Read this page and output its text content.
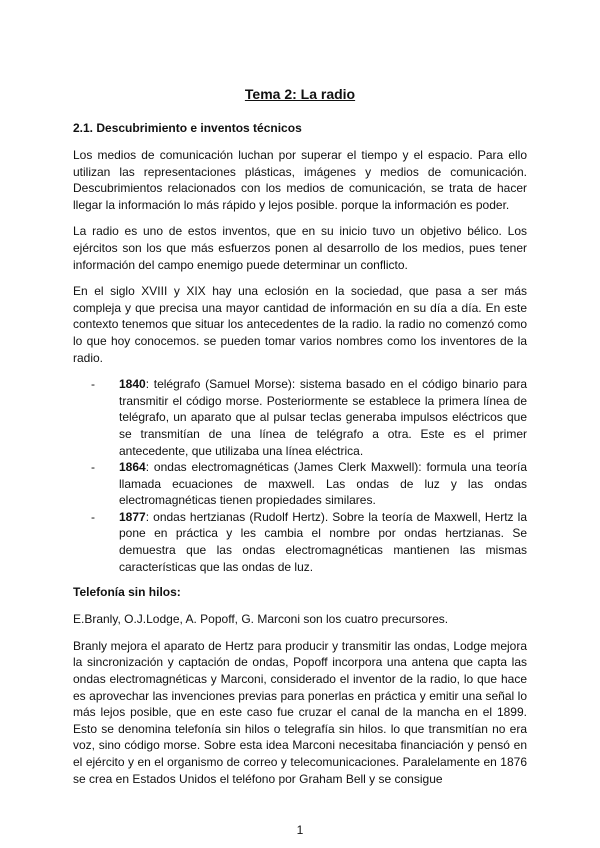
Tema 2: La radio
2.1. Descubrimiento e inventos técnicos

Los medios de comunicación luchan por superar el tiempo y el espacio. Para ello utilizan las representaciones plásticas, imágenes y medios de comunicación. Descubrimientos relacionados con los medios de comunicación, se trata de hacer llegar la información lo más rápido y lejos posible. porque la información es poder.

La radio es uno de estos inventos, que en su inicio tuvo un objetivo bélico. Los ejércitos son los que más esfuerzos ponen al desarrollo de los medios, pues tener información del campo enemigo puede determinar un conflicto.

En el siglo XVIII y XIX hay una eclosión en la sociedad, que pasa a ser más compleja y que precisa una mayor cantidad de información en su día a día. En este contexto tenemos que situar los antecedentes de la radio. la radio no comenzó como lo que hoy conocemos. se pueden tomar varios nombres como los inventores de la radio.

- 1840: telégrafo (Samuel Morse): sistema basado en el código binario para transmitir el código morse. Posteriormente se establece la primera línea de telégrafo, un aparato que al pulsar teclas generaba impulsos eléctricos que se transmitían de una línea de telégrafo a otra. Este es el primer antecedente, que utilizaba una línea eléctrica.
- 1864: ondas electromagnéticas (James Clerk Maxwell): formula una teoría llamada ecuaciones de maxwell. Las ondas de luz y las ondas electromagnéticas tienen propiedades similares.
- 1877: ondas hertzianas (Rudolf Hertz). Sobre la teoría de Maxwell, Hertz la pone en práctica y les cambia el nombre por ondas hertzianas. Se demuestra que las ondas electromagnéticas mantienen las mismas características que las ondas de luz.
Telefonía sin hilos:

E.Branly, O.J.Lodge, A. Popoff, G. Marconi son los cuatro precursores.

Branly mejora el aparato de Hertz para producir y transmitir las ondas, Lodge mejora la sincronización y captación de ondas, Popoff incorpora una antena que capta las ondas electromagnéticas y Marconi, considerado el inventor de la radio, lo que hace es aprovechar las invenciones previas para ponerlas en práctica y emitir una señal lo más lejos posible, que en este caso fue cruzar el canal de la mancha en el 1899. Esto se denomina telefonía sin hilos o telegrafía sin hilos. lo que transmitían no era voz, sino código morse. Sobre esta idea Marconi necesitaba financiación y pensó en el ejército y en el organismo de correo y telecomunicaciones. Paralelamente en 1876 se crea en Estados Unidos el teléfono por Graham Bell y se consigue

1
